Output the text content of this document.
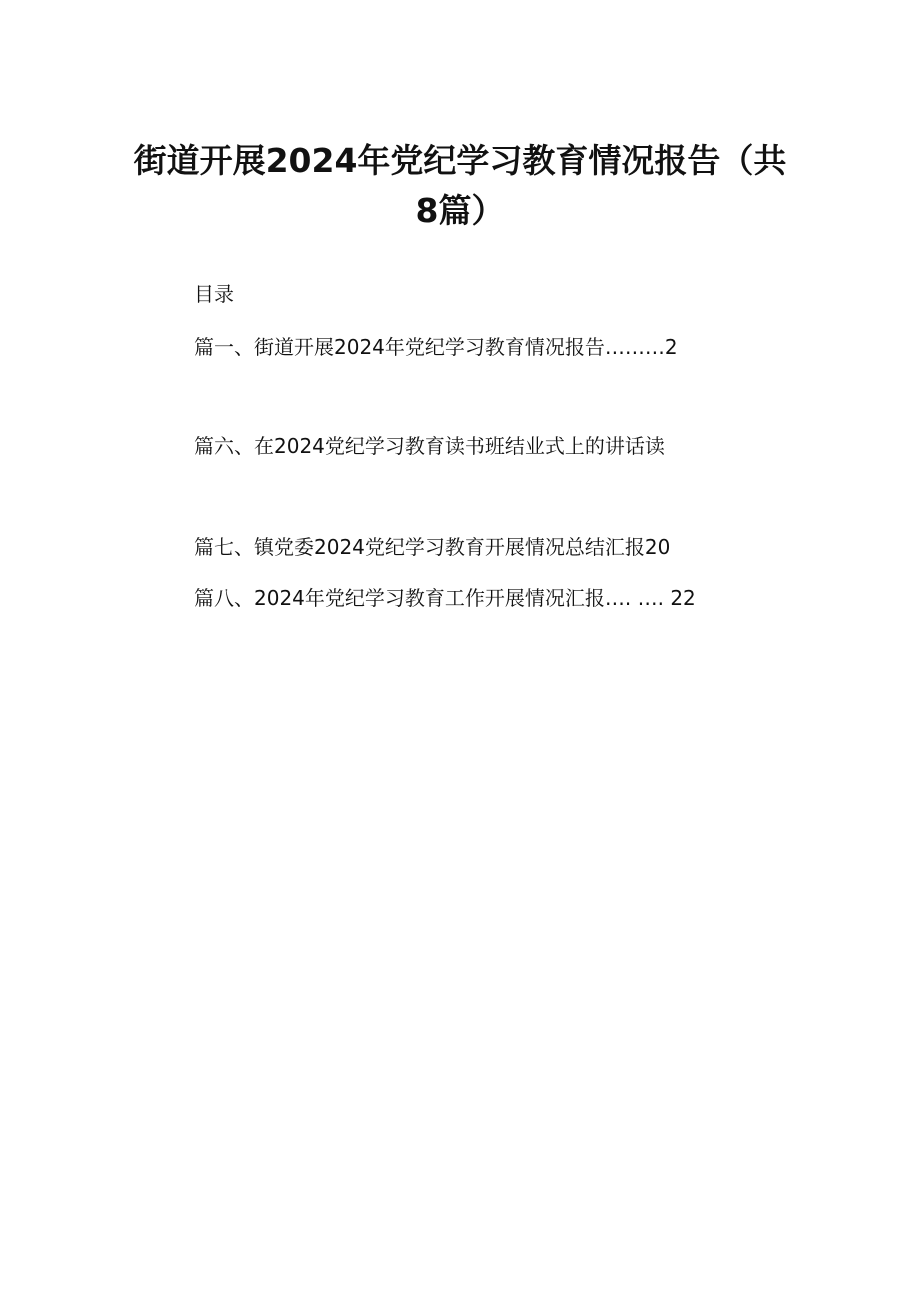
街道开展2024年党纪学习教育情况报告（共
8篇）
目录
篇一、街道开展2024年党纪学习教育情况报告………2
篇六、在2024党纪学习教育读书班结业式上的讲话读
篇七、镇党委2024党纪学习教育开展情况总结汇报20
篇八、2024年党纪学习教育工作开展情况汇报…. …. 22
